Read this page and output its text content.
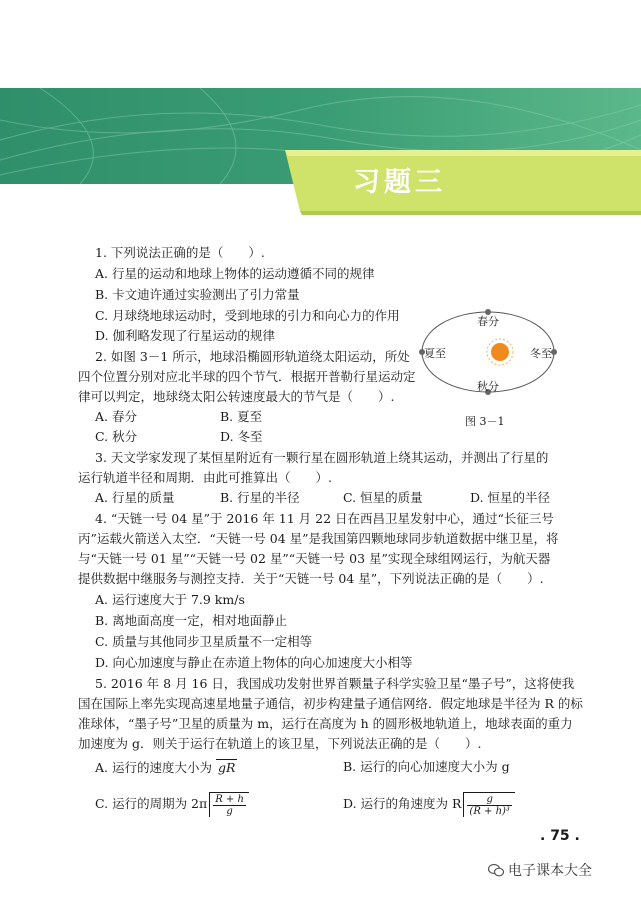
习题三
1. 下列说法正确的是（　　）.
A. 行星的运动和地球上物体的运动遵循不同的规律
B. 卡文迪许通过实验测出了引力常量
C. 月球绕地球运动时，受到地球的引力和向心力的作用
D. 伽利略发现了行星运动的规律
2. 如图 3－1 所示，地球沿椭圆形轨道绕太阳运动，所处
四个位置分别对应北半球的四个节气．根据开普勒行星运动定
律可以判定，地球绕太阳公转速度最大的节气是（　　）.
A. 春分	B. 夏至
C. 秋分	D. 冬至
春分
夏至	冬至
秋分
图 3－1
3. 天文学家发现了某恒星附近有一颗行星在圆形轨道上绕其运动，并测出了行星的
运行轨道半径和周期．由此可推算出（　　）.
A. 行星的质量	B. 行星的半径	C. 恒星的质量	D. 恒星的半径
4. “天链一号 04 星”于 2016 年 11 月 22 日在西昌卫星发射中心，通过“长征三号
丙”运载火箭送入太空．“天链一号 04 星”是我国第四颗地球同步轨道数据中继卫星，将
与“天链一号 01 星”“天链一号 02 星”“天链一号 03 星”实现全球组网运行，为航天器
提供数据中继服务与测控支持．关于“天链一号 04 星”，下列说法正确的是（　　）.
A. 运行速度大于 7.9 km/s
B. 离地面高度一定，相对地面静止
C. 质量与其他同步卫星质量不一定相等
D. 向心加速度与静止在赤道上物体的向心加速度大小相等
5. 2016 年 8 月 16 日，我国成功发射世界首颗量子科学实验卫星“墨子号”，这将使我
国在国际上率先实现高速星地量子通信，初步构建量子通信网络．假定地球是半径为 R 的标
准球体，“墨子号”卫星的质量为 m，运行在高度为 h 的圆形极地轨道上，地球表面的重力
加速度为 g．则关于运行在轨道上的该卫星，下列说法正确的是（　　）.
A. 运行的速度大小为 gR	B. 运行的向心加速度大小为 g
C. 运行的周期为 $2\pi \frac{R + h}{g}$	D. 运行的角速度为 R $\frac{g}{\text{(R + h)³}}$
. 75 .
电子课本大全
